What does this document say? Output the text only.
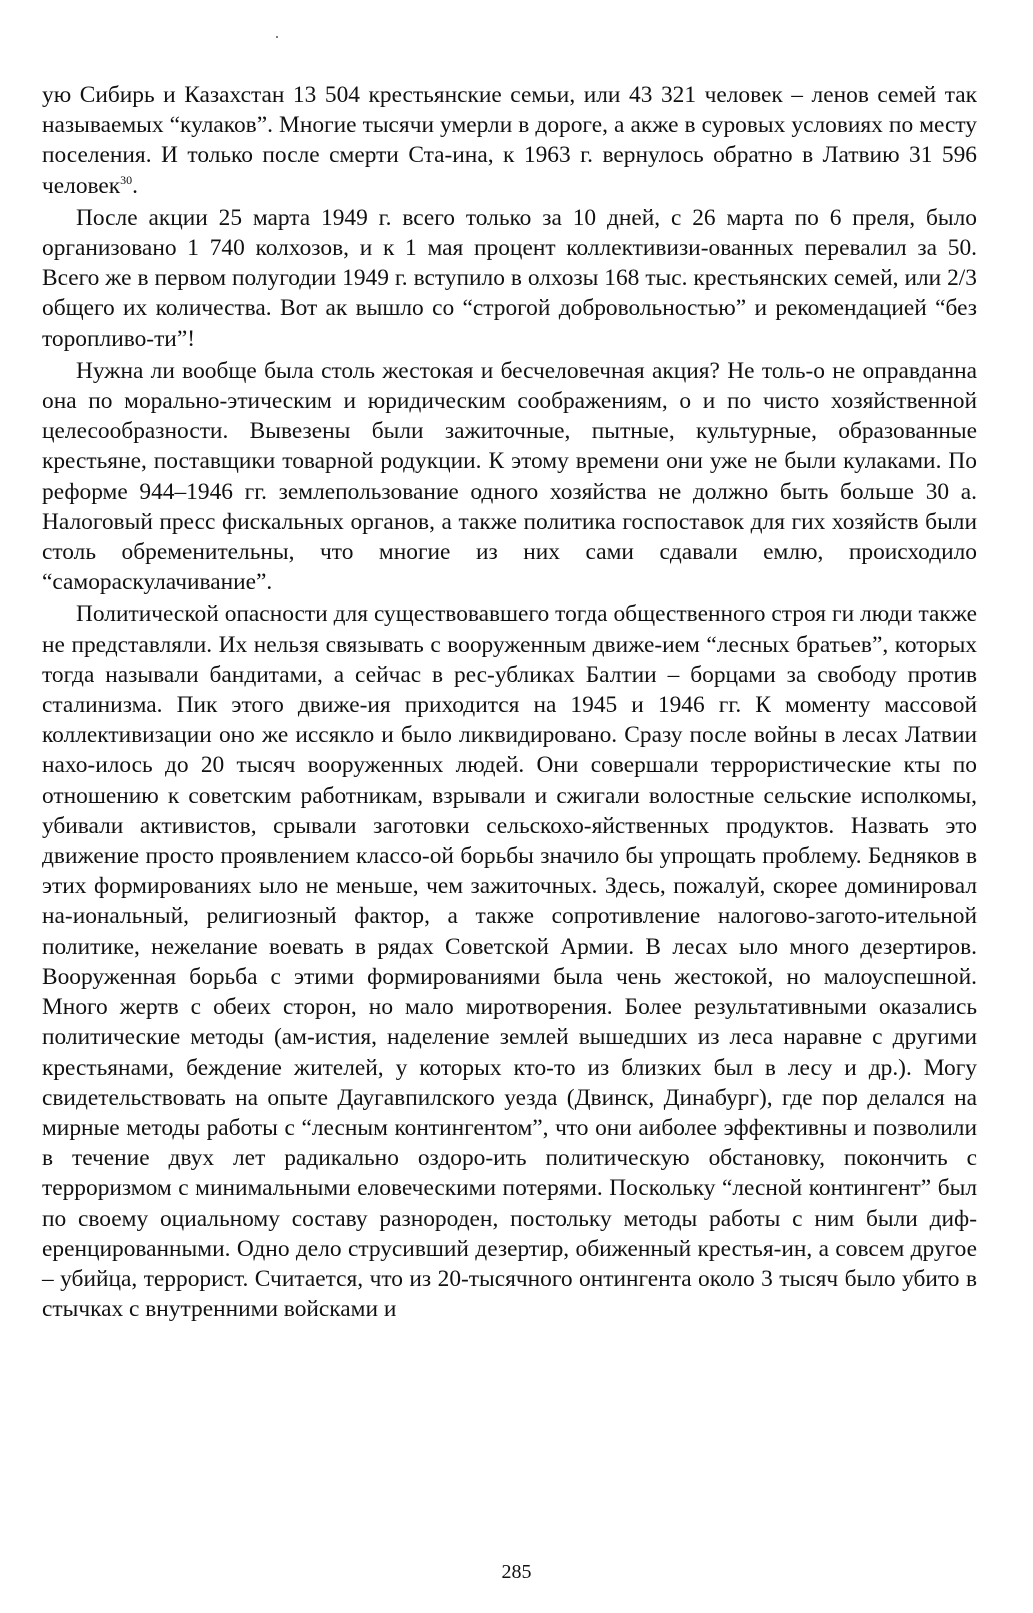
ую Сибирь и Казахстан 13 504 крестьянские семьи, или 43 321 человек – ленов семей так называемых “кулаков”. Многие тысячи умерли в дороге, а акже в суровых условиях по месту поселения. И только после смерти Ста-ина, к 1963 г. вернулось обратно в Латвию 31 596 человек$^{30}$.

После акции 25 марта 1949 г. всего только за 10 дней, с 26 марта по 6 преля, было организовано 1 740 колхозов, и к 1 мая процент коллективизи-ованных перевалил за 50. Всего же в первом полугодии 1949 г. вступило в олхозы 168 тыс. крестьянских семей, или 2/3 общего их количества. Вот ак вышло со “строгой добровольностью” и рекомендацией “без торопливо-ти”!

Нужна ли вообще была столь жестокая и бесчеловечная акция? Не толь-о не оправданна она по морально-этическим и юридическим соображениям, о и по чисто хозяйственной целесообразности. Вывезены были зажиточные, пытные, культурные, образованные крестьяне, поставщики товарной родукции. К этому времени они уже не были кулаками. По реформе 944–1946 гг. землепользование одного хозяйства не должно быть больше 30 а. Налоговый пресс фискальных органов, а также политика госпоставок для гих хозяйств были столь обременительны, что многие из них сами сдавали емлю, происходило “самораскулачивание”.

Политической опасности для существовавшего тогда общественного строя ги люди также не представляли. Их нельзя связывать с вооруженным движе-ием “лесных братьев”, которых тогда называли бандитами, а сейчас в рес-убликах Балтии – борцами за свободу против сталинизма. Пик этого движе-ия приходится на 1945 и 1946 гг. К моменту массовой коллективизации оно же иссякло и было ликвидировано. Сразу после войны в лесах Латвии нахо-илось до 20 тысяч вооруженных людей. Они совершали террористические кты по отношению к советским работникам, взрывали и сжигали волостные сельские исполкомы, убивали активистов, срывали заготовки сельскохо-яйственных продуктов. Назвать это движение просто проявлением классо-ой борьбы значило бы упрощать проблему. Бедняков в этих формированиях ыло не меньше, чем зажиточных. Здесь, пожалуй, скорее доминировал на-иональный, религиозный фактор, а также сопротивление налогово-загото-ительной политике, нежелание воевать в рядах Советской Армии. В лесах ыло много дезертиров. Вооруженная борьба с этими формированиями была чень жестокой, но малоуспешной. Много жертв с обеих сторон, но мало миротворения. Более результативными оказались политические методы (ам-истия, наделение землей вышедших из леса наравне с другими крестьянами, беждение жителей, у которых кто-то из близких был в лесу и др.). Могу свидетельствовать на опыте Даугавпилского уезда (Двинск, Динабург), где пор делался на мирные методы работы с “лесным контингентом”, что они аиболее эффективны и позволили в течение двух лет радикально оздоро-ить политическую обстановку, покончить с терроризмом с минимальными еловеческими потерями. Поскольку “лесной контингент” был по своему оциальному составу разнороден, постольку методы работы с ним были диф-еренцированными. Одно дело струсивший дезертир, обиженный крестья-ин, а совсем другое – убийца, террорист. Считается, что из 20-тысячного онтингента около 3 тысяч было убито в стычках с внутренними войсками и

285
